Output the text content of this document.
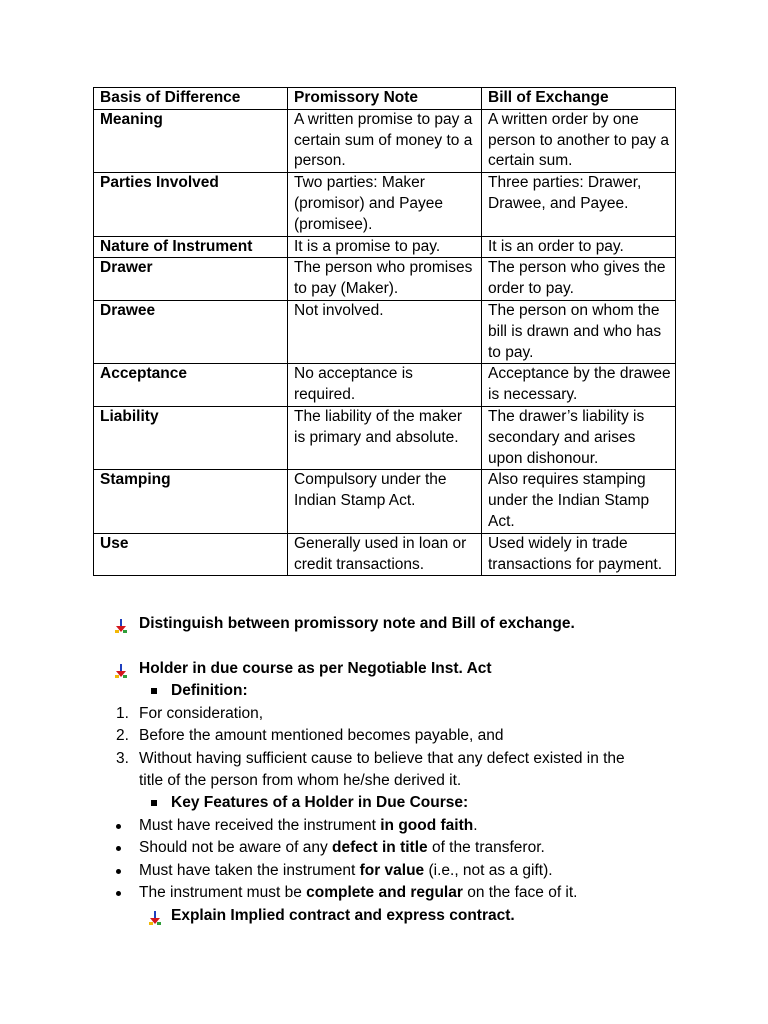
Basis of Difference	Promissory Note	Bill of Exchange
Meaning	A written promise to pay a certain sum of money to a person.	A written order by one person to another to pay a certain sum.
Parties Involved	Two parties: Maker (promisor) and Payee (promisee).	Three parties: Drawer, Drawee, and Payee.
Nature of Instrument	It is a promise to pay.	It is an order to pay.
Drawer	The person who promises to pay (Maker).	The person who gives the order to pay.
Drawee	Not involved.	The person on whom the bill is drawn and who has to pay.
Acceptance	No acceptance is required.	Acceptance by the drawee is necessary.
Liability	The liability of the maker is primary and absolute.	The drawer’s liability is secondary and arises upon dishonour.
Stamping	Compulsory under the Indian Stamp Act.	Also requires stamping under the Indian Stamp Act.
Use	Generally used in loan or credit transactions.	Used widely in trade transactions for payment.
Distinguish between promissory note and Bill of exchange.
Holder in due course as per Negotiable Inst. Act
Definition:
1. For consideration,
2. Before the amount mentioned becomes payable, and
3. Without having sufficient cause to believe that any defect existed in the
title of the person from whom he/she derived it.
Key Features of a Holder in Due Course:
Must have received the instrument in good faith.
Should not be aware of any defect in title of the transferor.
Must have taken the instrument for value (i.e., not as a gift).
The instrument must be complete and regular on the face of it.
Explain Implied contract and express contract.
